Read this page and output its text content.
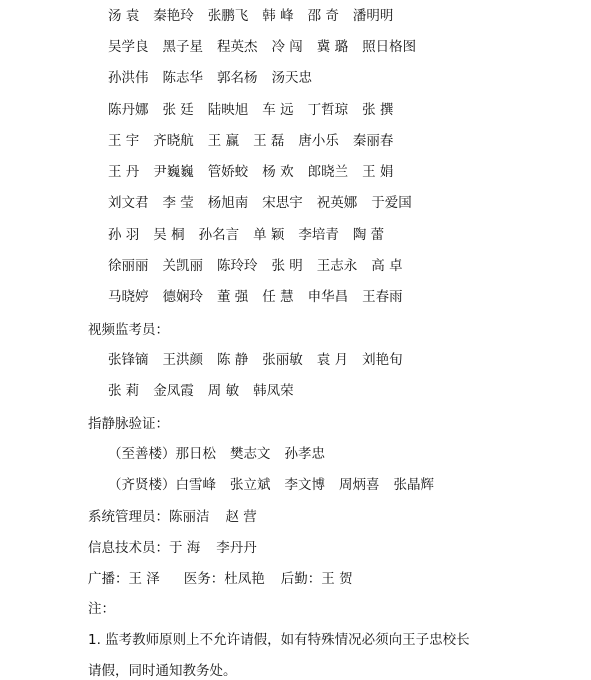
汤 袁 秦艳玲 张鹏飞 韩 峰 邵 奇 潘明明
吴学良 黑子星 程英杰 冷 闯 冀 璐 照日格图
孙洪伟 陈志华 郭名杨 汤天忠
陈丹娜 张 廷 陆映旭 车 远 丁哲琼 张 撰
王 宇 齐晓航 王 赢 王 磊 唐小乐 秦丽春
王 丹 尹巍巍 管娇蛟 杨 欢 郎晓兰 王 娟
刘文君 李 莹 杨旭南 宋思宇 祝英娜 于爱国
孙 羽 吴 桐 孙名言 单 颖 李培青 陶 蕾
徐丽丽 关凯丽 陈玲玲 张 明 王志永 高 卓
马晓婷 德娴玲 董 强 任 慧 申华昌 王春雨
视频监考员：
张锋镝 王洪颜 陈 静 张丽敏 袁 月 刘艳旬
张 莉 金凤霞 周 敏 韩凤荣
指静脉验证：
（至善楼）那日松 樊志文 孙孝忠
（齐贤楼）白雪峰 张立斌 李文博 周炳喜 张晶辉
系统管理员：陈丽洁 赵 营
信息技术员：于 海 李丹丹
广播：王 泽 医务：杜凤艳 后勤：王 贺
注：
1. 监考教师原则上不允许请假，如有特殊情况必须向王子忠校长
请假，同时通知教务处。
